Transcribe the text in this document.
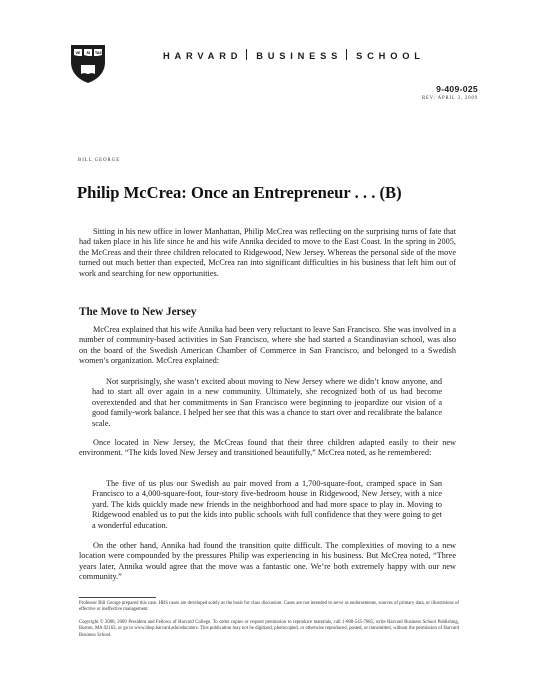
VE RI TAS	HARVARD BUSINESS SCHOOL
9-409-025
REV: APRIL 3, 2009
BILL GEORGE
Philip McCrea: Once an Entrepreneur . . . (B)

Sitting in his new office in lower Manhattan, Philip McCrea was reflecting on the surprising turns of fate that had taken place in his life since he and his wife Annika decided to move to the East Coast. In the spring in 2005, the McCreas and their three children relocated to Ridgewood, New Jersey. Whereas the personal side of the move turned out much better than expected, McCrea ran into significant difficulties in his business that left him out of work and searching for new opportunities.

The Move to New Jersey

McCrea explained that his wife Annika had been very reluctant to leave San Francisco. She was involved in a number of community-based activities in San Francisco, where she had started a Scandinavian school, was also on the board of the Swedish American Chamber of Commerce in San Francisco, and belonged to a Swedish women’s organization. McCrea explained:

Not surprisingly, she wasn’t excited about moving to New Jersey where we didn’t know anyone, and had to start all over again in a new community. Ultimately, she recognized both of us had become overextended and that her commitments in San Francisco were beginning to jeopardize our vision of a good family-work balance. I helped her see that this was a chance to start over and recalibrate the balance scale.

Once located in New Jersey, the McCreas found that their three children adapted easily to their new environment. “The kids loved New Jersey and transitioned beautifully,” McCrea noted, as he remembered:

The five of us plus our Swedish au pair moved from a 1,700-square-foot, cramped space in San Francisco to a 4,000-square-foot, four-story five-bedroom house in Ridgewood, New Jersey, with a nice yard. The kids quickly made new friends in the neighborhood and had more space to play in. Moving to Ridgewood enabled us to put the kids into public schools with full confidence that they were going to get a wonderful education.

On the other hand, Annika had found the transition quite difficult. The complexities of moving to a new location were compounded by the pressures Philip was experiencing in his business. But McCrea noted, “Three years later, Annika would agree that the move was a fantastic one. We’re both extremely happy with our new community.”

Professor Bill George prepared this case. HBS cases are developed solely as the basis for class discussion. Cases are not intended to serve as endorsements, sources of primary data, or illustrations of effective or ineffective management.

Copyright © 2008, 2009 President and Fellows of Harvard College. To order copies or request permission to reproduce materials, call 1-800-545-7685, write Harvard Business School Publishing, Boston, MA 02163, or go to www.hbsp.harvard.edu/educators. This publication may not be digitized, photocopied, or otherwise reproduced, posted, or transmitted, without the permission of Harvard Business School.
